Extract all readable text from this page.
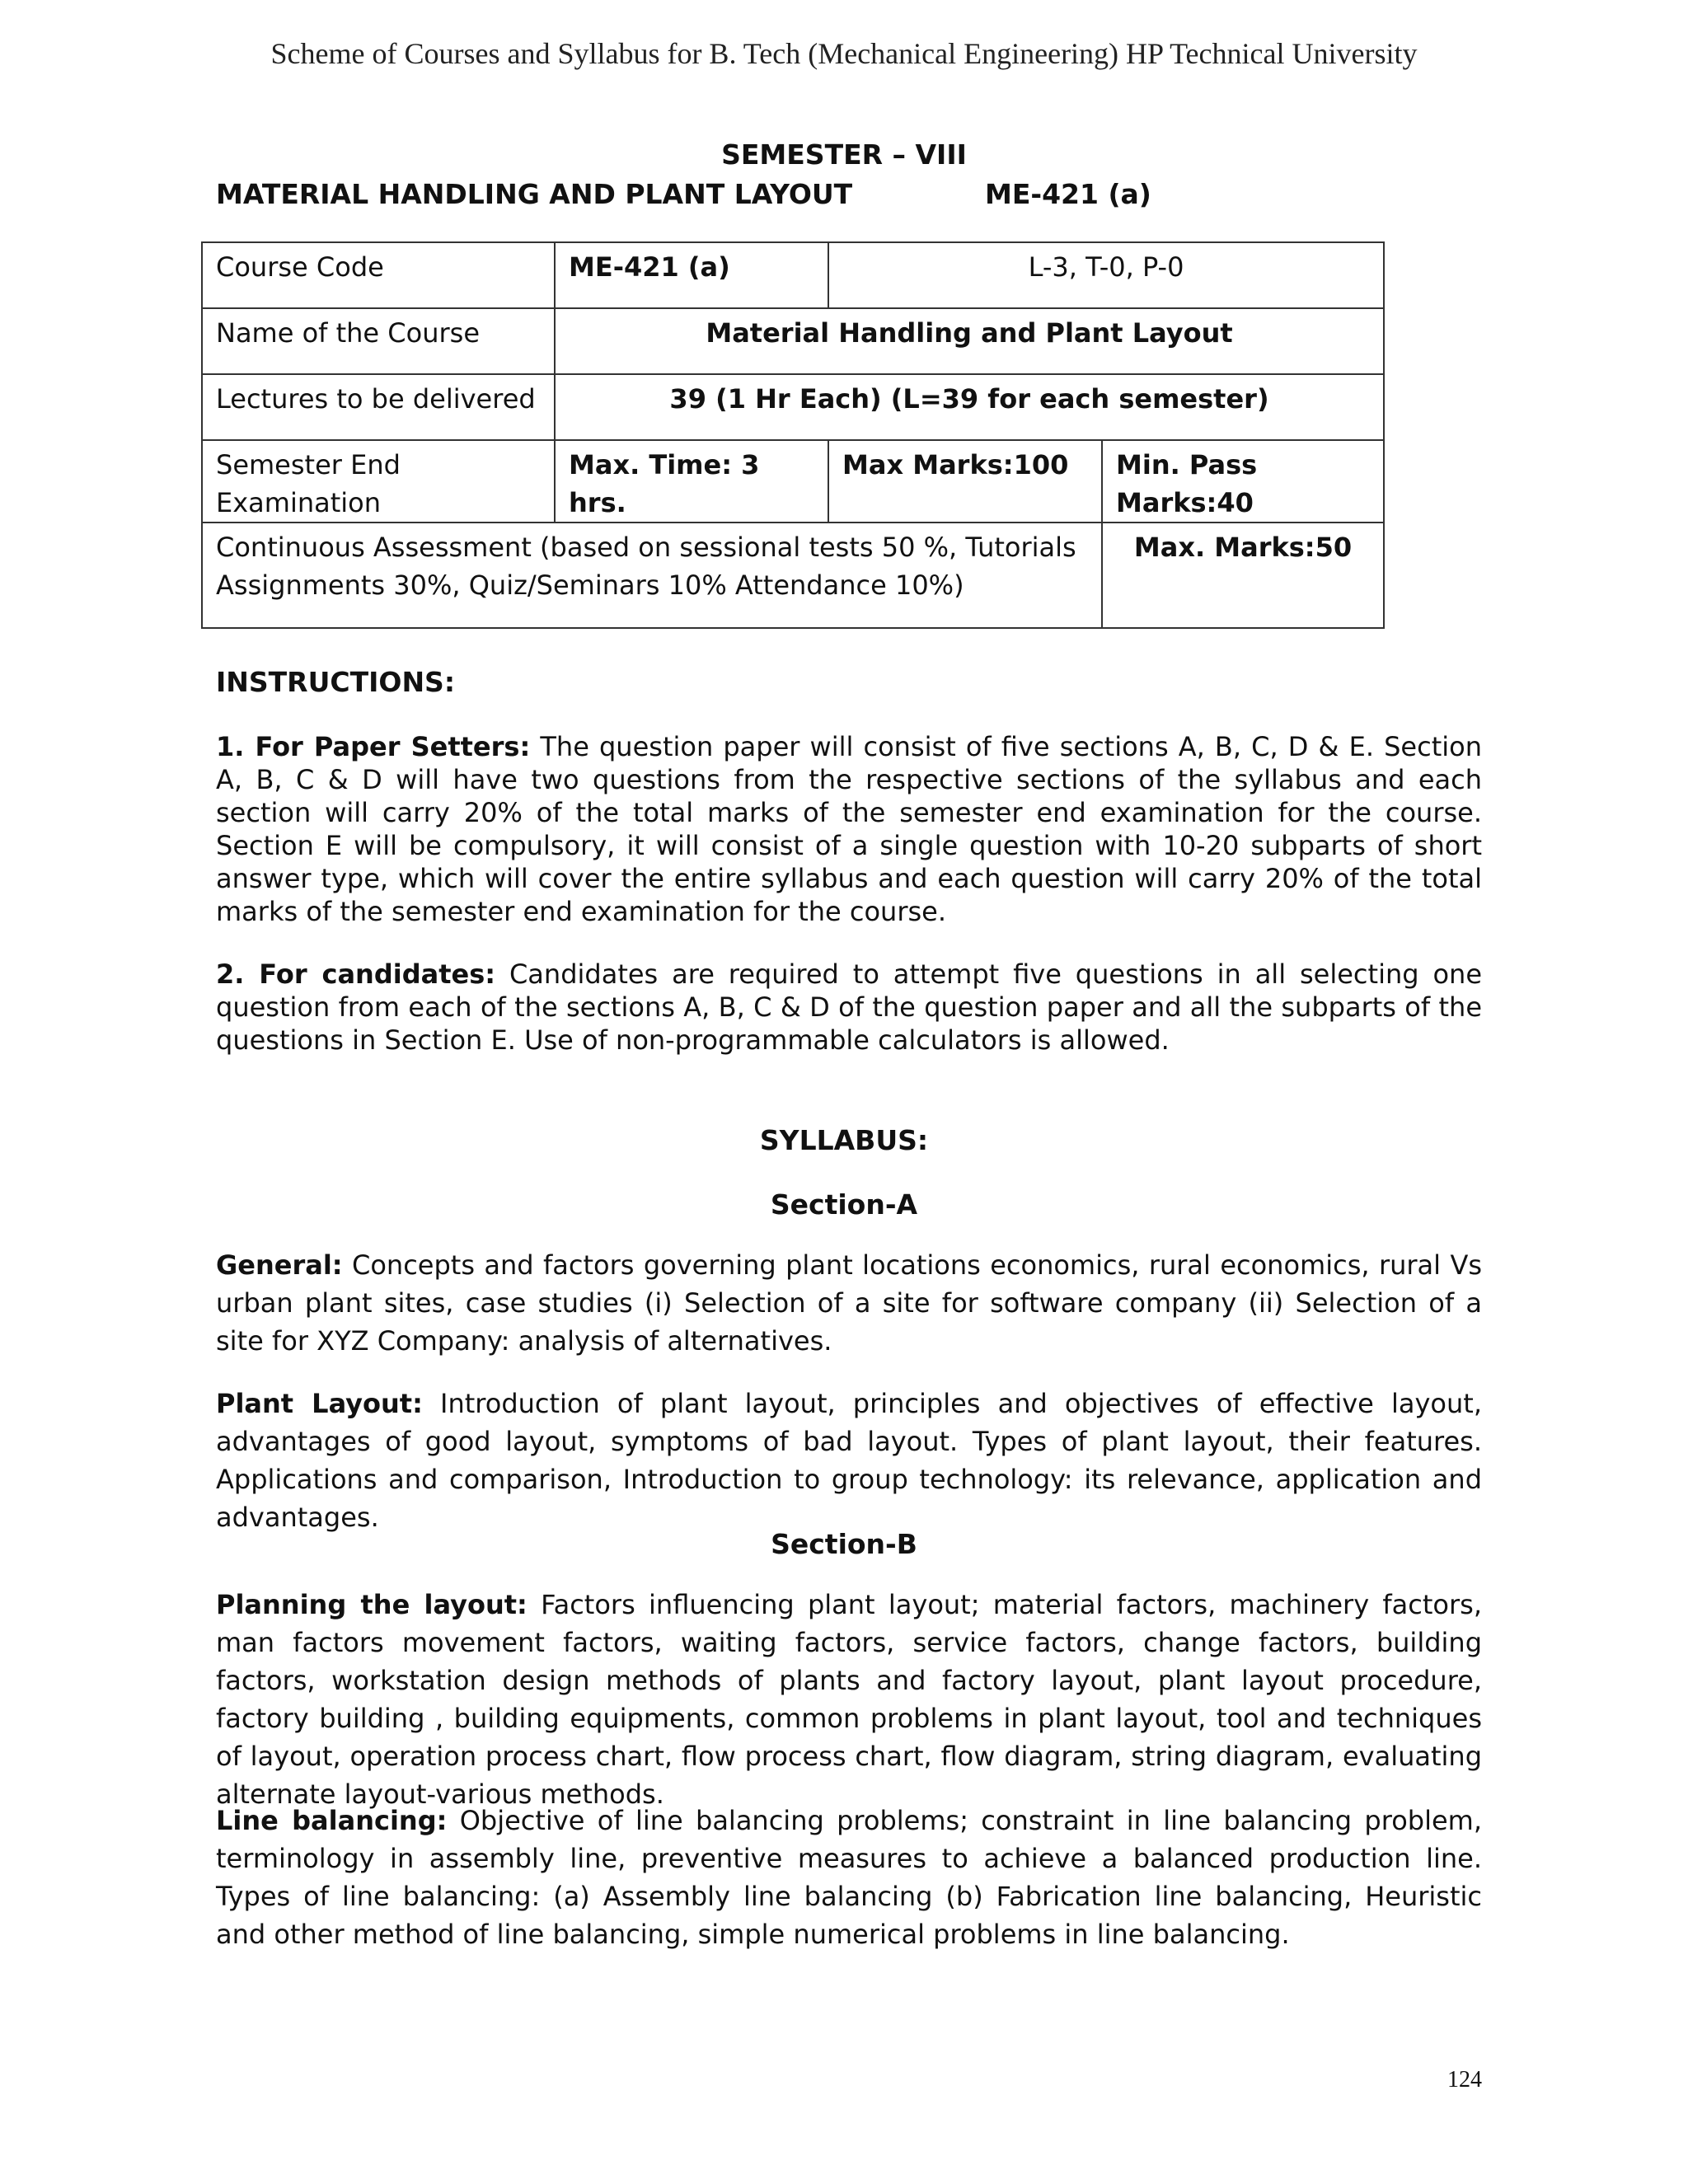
Scheme of Courses and Syllabus for B. Tech (Mechanical Engineering) HP Technical University
SEMESTER – VIII
MATERIAL HANDLING AND PLANT LAYOUT	ME-421 (a)
Course Code	ME-421 (a)	L-3, T-0, P-0	
Name of the Course	Material Handling and Plant Layout		
Lectures to be delivered	39 (1 Hr Each) (L=39 for each semester)		
Semester End Examination	Max. Time: 3 hrs.	Max Marks:100	Min. Pass Marks:40
Continuous Assessment (based on sessional tests 50 %, Tutorials Assignments 30%, Quiz/Seminars 10% Attendance 10%)			Max. Marks:50
INSTRUCTIONS:
1. For Paper Setters: The question paper will consist of five sections A, B, C, D & E. Section A, B, C & D will have two questions from the respective sections of the syllabus and each section will carry 20% of the total marks of the semester end examination for the course. Section E will be compulsory, it will consist of a single question with 10-20 subparts of short answer type, which will cover the entire syllabus and each question will carry 20% of the total marks of the semester end examination for the course.
2. For candidates: Candidates are required to attempt five questions in all selecting one question from each of the sections A, B, C & D of the question paper and all the subparts of the questions in Section E. Use of non-programmable calculators is allowed.
SYLLABUS:
Section-A
General: Concepts and factors governing plant locations economics, rural economics, rural Vs urban plant sites, case studies (i) Selection of a site for software company (ii) Selection of a site for XYZ Company: analysis of alternatives.
Plant Layout: Introduction of plant layout, principles and objectives of effective layout, advantages of good layout, symptoms of bad layout. Types of plant layout, their features. Applications and comparison, Introduction to group technology: its relevance, application and advantages.
Section-B
Planning the layout: Factors influencing plant layout; material factors, machinery factors, man factors movement factors, waiting factors, service factors, change factors, building factors, workstation design methods of plants and factory layout, plant layout procedure, factory building , building equipments, common problems in plant layout, tool and techniques of layout, operation process chart, flow process chart, flow diagram, string diagram, evaluating alternate layout-various methods.
Line balancing: Objective of line balancing problems; constraint in line balancing problem, terminology in assembly line, preventive measures to achieve a balanced production line. Types of line balancing: (a) Assembly line balancing (b) Fabrication line balancing, Heuristic and other method of line balancing, simple numerical problems in line balancing.
124
